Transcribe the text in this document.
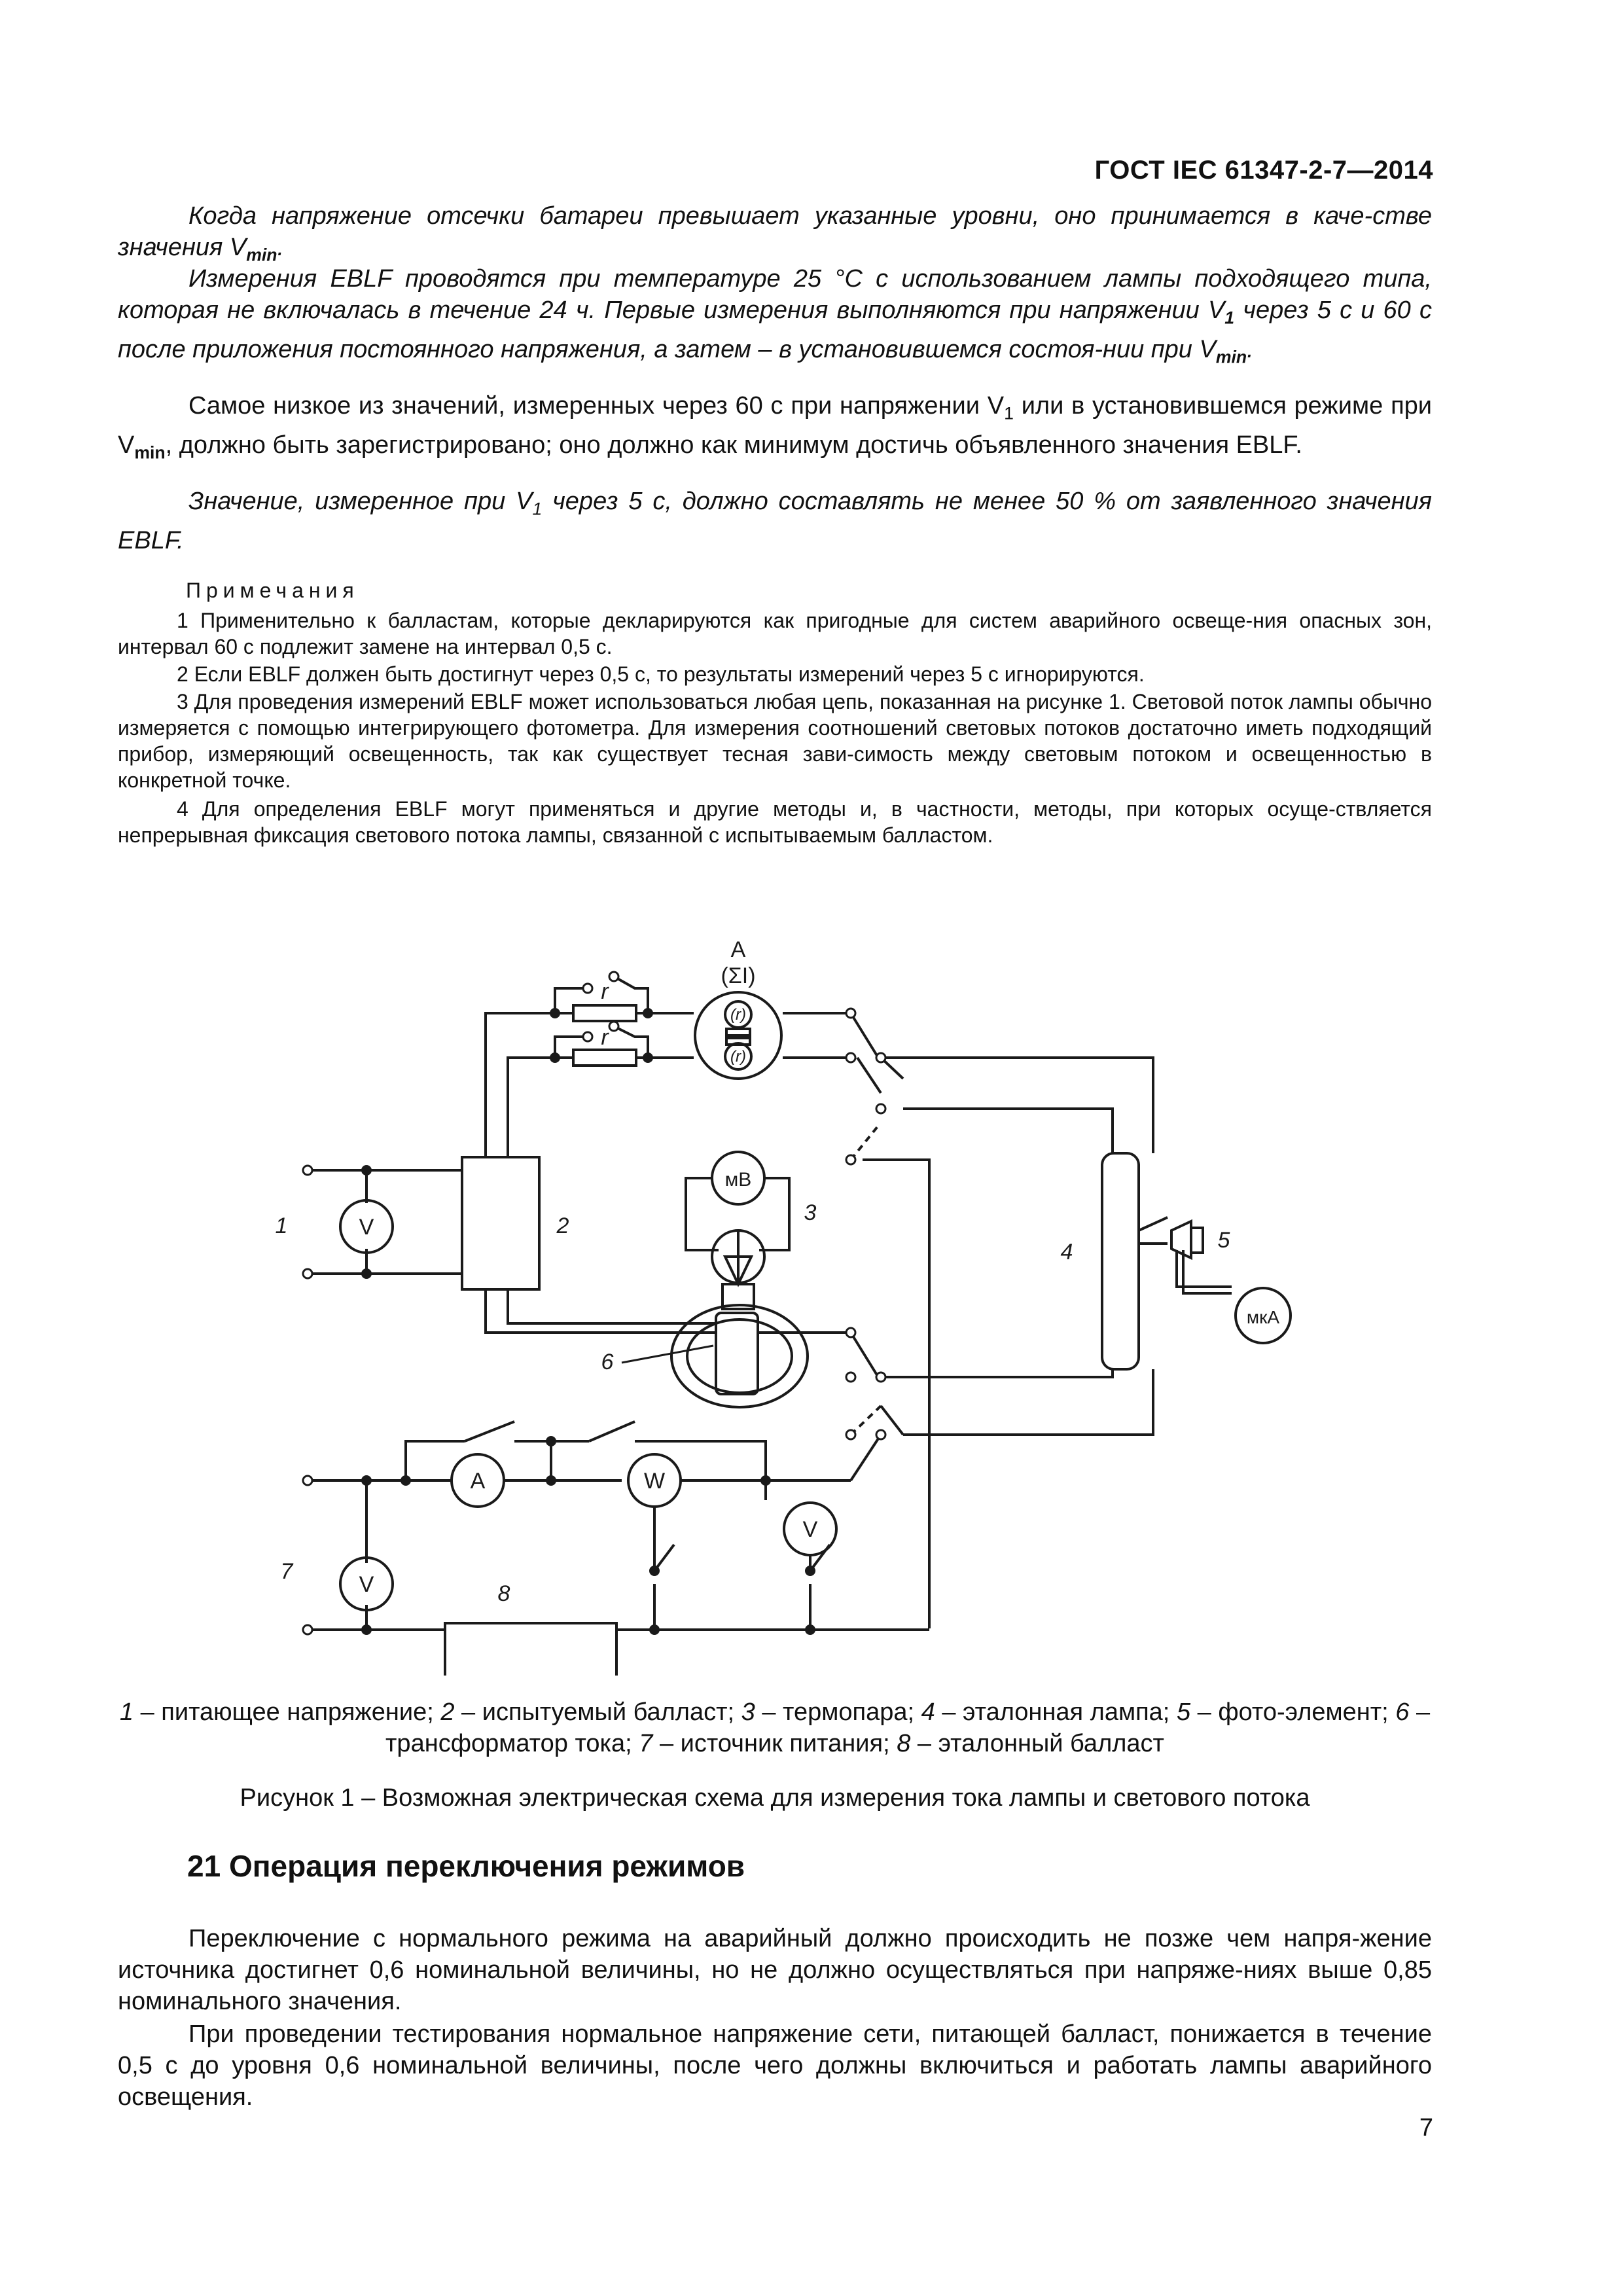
ГОСТ IEC 61347-2-7—2014
Когда напряжение отсечки батареи превышает указанные уровни, оно принимается в каче-стве значения $V_{min}$.
Измерения EBLF проводятся при температуре 25 °C с использованием лампы подходящего типа, которая не включалась в течение 24 ч. Первые измерения выполняются при напряжении $V_1$ через 5 с и 60 с после приложения постоянного напряжения, а затем – в установившемся состоя-нии при $V_{min}$.
Самое низкое из значений, измеренных через 60 с при напряжении $V_1$ или в установившемся режиме при $V_{min}$, должно быть зарегистрировано; оно должно как минимум достичь объявленного значения EBLF.
Значение, измеренное при $V_1$ через 5 с, должно составлять не менее 50 % от заявленного значения EBLF.
Примечания
1 Применительно к балластам, которые декларируются как пригодные для систем аварийного освеще-ния опасных зон, интервал 60 с подлежит замене на интервал 0,5 с.
2 Если EBLF должен быть достигнут через 0,5 с, то результаты измерений через 5 с игнорируются.
3 Для проведения измерений EBLF может использоваться любая цепь, показанная на рисунке 1. Световой поток лампы обычно измеряется с помощью интегрирующего фотометра. Для измерения соотношений световых потоков достаточно иметь подходящий прибор, измеряющий освещенность, так как существует тесная зави-симость между световым потоком и освещенностью в конкретной точке.
4 Для определения EBLF могут применяться и другие методы и, в частности, методы, при которых осуще-ствляется непрерывная фиксация светового потока лампы, связанной с испытываемым балластом.
A
(ΣI)
r
r
(r)
(r)
мВ
мкА
V
V
V
A	W
1	2
3
4	5
6
7
8
1 – питающее напряжение; 2 – испытуемый балласт; 3 – термопара; 4 – эталонная лампа; 5 – фото-элемент; 6 – трансформатор тока; 7 – источник питания; 8 – эталонный балласт
Рисунок 1 – Возможная электрическая схема для измерения тока лампы и светового потока
21 Операция переключения режимов
Переключение с нормального режима на аварийный должно происходить не позже чем напря-жение источника достигнет 0,6 номинальной величины, но не должно осуществляться при напряже-ниях выше 0,85 номинального значения.
При проведении тестирования нормальное напряжение сети, питающей балласт, понижается в течение 0,5 с до уровня 0,6 номинальной величины, после чего должны включиться и работать лампы аварийного освещения.
7
